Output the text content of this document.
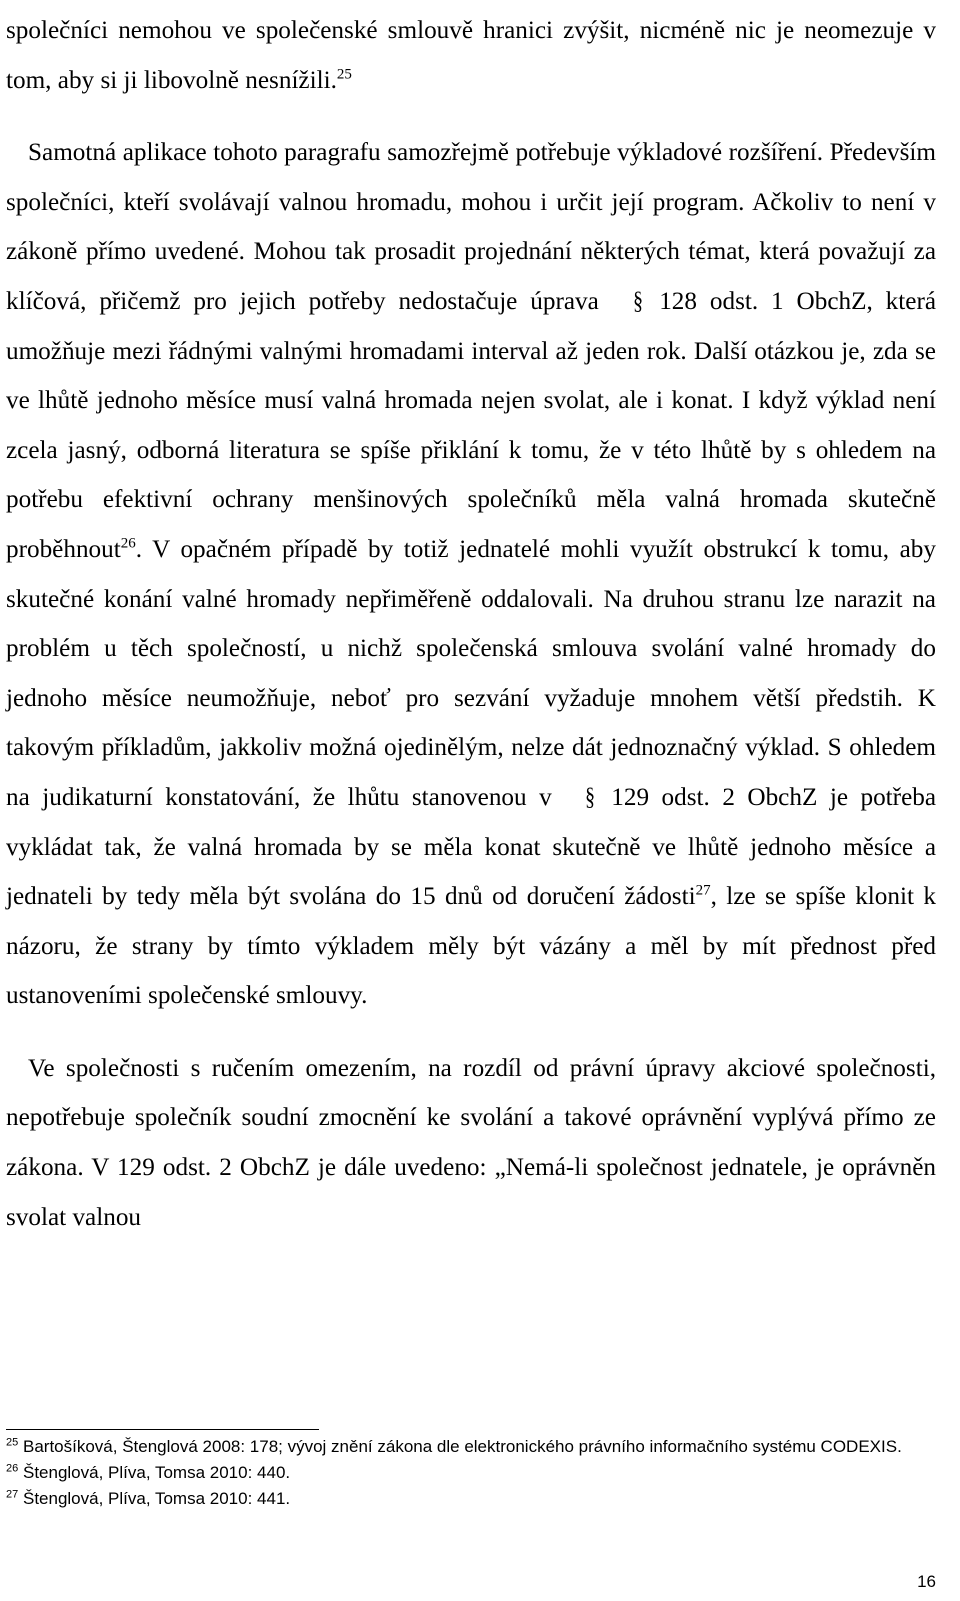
společníci nemohou ve společenské smlouvě hranici zvýšit, nicméně nic je neomezuje v tom, aby si ji libovolně nesnížili.$^{25}$

Samotná aplikace tohoto paragrafu samozřejmě potřebuje výkladové rozšíření. Především společníci, kteří svolávají valnou hromadu, mohou i určit její program. Ačkoliv to není v zákoně přímo uvedené. Mohou tak prosadit projednání některých témat, která považují za klíčová, přičemž pro jejich potřeby nedostačuje úprava § 128 odst. 1 ObchZ, která umožňuje mezi řádnými valnými hromadami interval až jeden rok. Další otázkou je, zda se ve lhůtě jednoho měsíce musí valná hromada nejen svolat, ale i konat. I když výklad není zcela jasný, odborná literatura se spíše přiklání k tomu, že v této lhůtě by s ohledem na potřebu efektivní ochrany menšinových společníků měla valná hromada skutečně proběhnout$^{26}$. V opačném případě by totiž jednatelé mohli využít obstrukcí k tomu, aby skutečné konání valné hromady nepřiměřeně oddalovali. Na druhou stranu lze narazit na problém u těch společností, u nichž společenská smlouva svolání valné hromady do jednoho měsíce neumožňuje, neboť pro sezvání vyžaduje mnohem větší předstih. K takovým příkladům, jakkoliv možná ojedinělým, nelze dát jednoznačný výklad. S ohledem na judikaturní konstatování, že lhůtu stanovenou v § 129 odst. 2 ObchZ je potřeba vykládat tak, že valná hromada by se měla konat skutečně ve lhůtě jednoho měsíce a jednateli by tedy měla být svolána do 15 dnů od doručení žádosti$^{27}$, lze se spíše klonit k názoru, že strany by tímto výkladem měly být vázány a měl by mít přednost před ustanoveními společenské smlouvy.

Ve společnosti s ručením omezením, na rozdíl od právní úpravy akciové společnosti, nepotřebuje společník soudní zmocnění ke svolání a takové oprávnění vyplývá přímo ze zákona. V 129 odst. 2 ObchZ je dále uvedeno: „Nemá-li společnost jednatele, je oprávněn svolat valnou

$^{25}$ Bartošíková, Štenglová 2008: 178; vývoj znění zákona dle elektronického právního informačního systému CODEXIS.

$^{26}$ Štenglová, Plíva, Tomsa 2010: 440.

$^{27}$ Štenglová, Plíva, Tomsa 2010: 441.

16
